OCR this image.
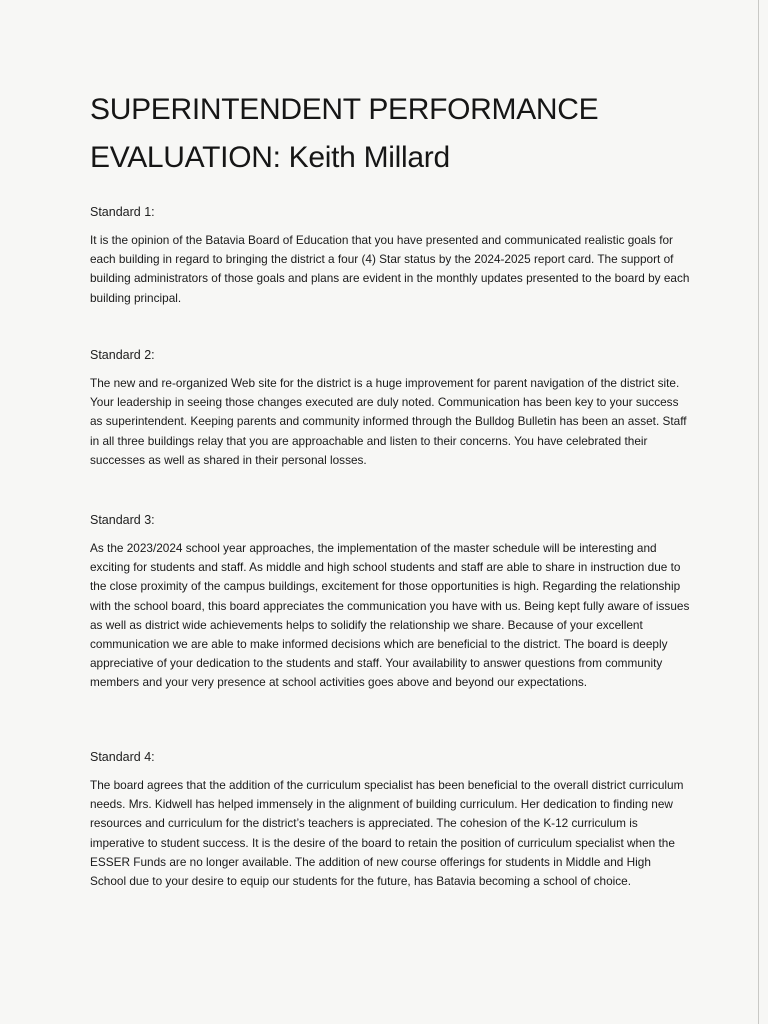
SUPERINTENDENT PERFORMANCE
EVALUATION: Keith Millard

Standard 1:

It is the opinion of the Batavia Board of Education that you have presented and communicated realistic goals for each building in regard to bringing the district a four (4) Star status by the 2024-2025 report card. The support of building administrators of those goals and plans are evident in the monthly updates presented to the board by each building principal.

Standard 2:

The new and re-organized Web site for the district is a huge improvement for parent navigation of the district site. Your leadership in seeing those changes executed are duly noted. Communication has been key to your success as superintendent. Keeping parents and community informed through the Bulldog Bulletin has been an asset. Staff in all three buildings relay that you are approachable and listen to their concerns. You have celebrated their successes as well as shared in their personal losses.

Standard 3:

As the 2023/2024 school year approaches, the implementation of the master schedule will be interesting and exciting for students and staff. As middle and high school students and staff are able to share in instruction due to the close proximity of the campus buildings, excitement for those opportunities is high. Regarding the relationship with the school board, this board appreciates the communication you have with us. Being kept fully aware of issues as well as district wide achievements helps to solidify the relationship we share. Because of your excellent communication we are able to make informed decisions which are beneficial to the district. The board is deeply appreciative of your dedication to the students and staff. Your availability to answer questions from community members and your very presence at school activities goes above and beyond our expectations.

Standard 4:

The board agrees that the addition of the curriculum specialist has been beneficial to the overall district curriculum needs. Mrs. Kidwell has helped immensely in the alignment of building curriculum. Her dedication to finding new resources and curriculum for the district’s teachers is appreciated. The cohesion of the K-12 curriculum is imperative to student success. It is the desire of the board to retain the position of curriculum specialist when the ESSER Funds are no longer available. The addition of new course offerings for students in Middle and High School due to your desire to equip our students for the future, has Batavia becoming a school of choice.
